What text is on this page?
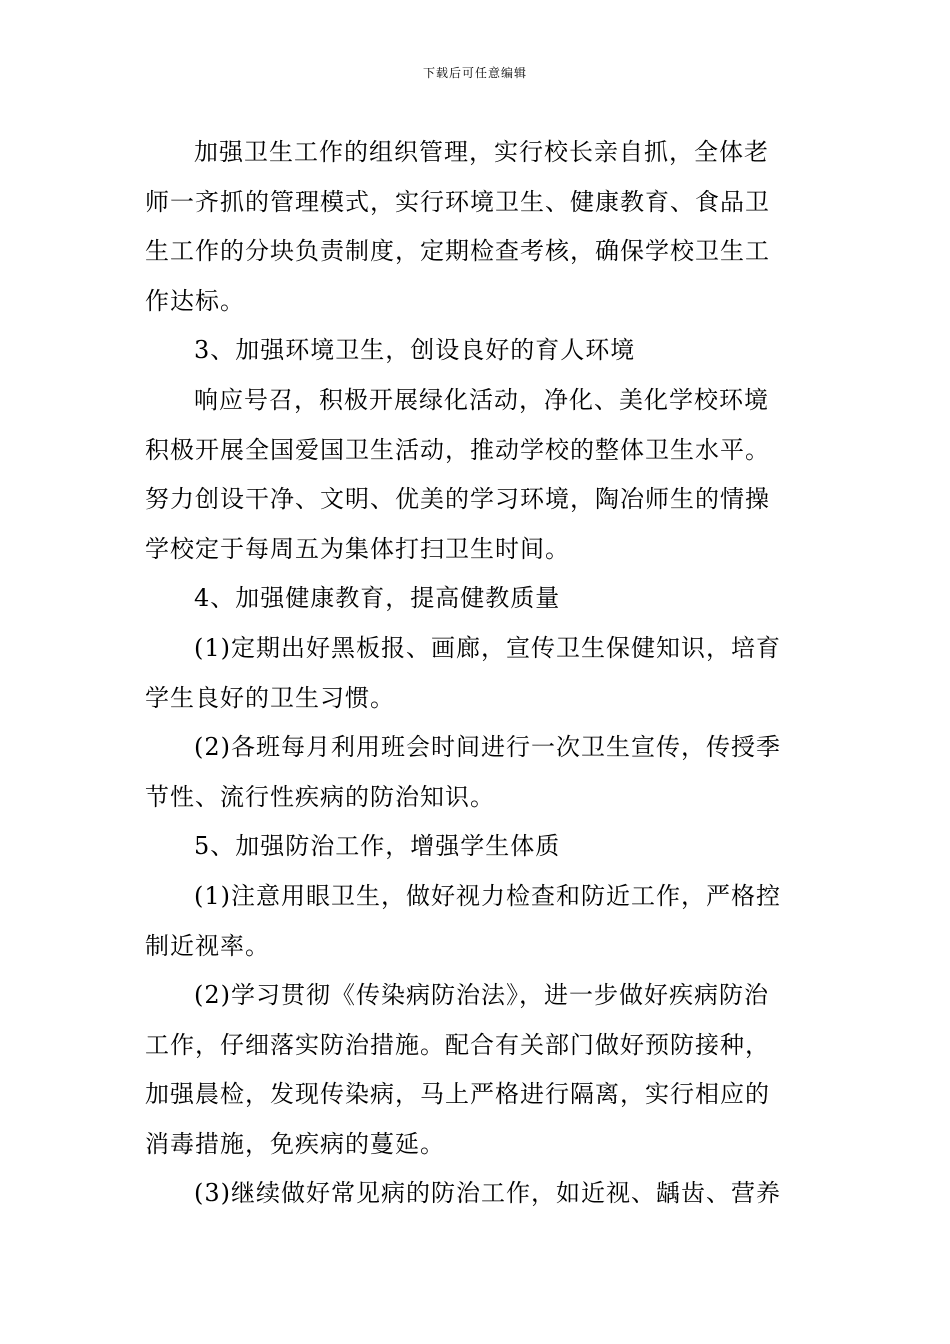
下载后可任意编辑
加强卫生工作的组织管理，实行校长亲自抓，全体老
师一齐抓的管理模式，实行环境卫生、健康教育、食品卫
生工作的分块负责制度，定期检查考核，确保学校卫生工
作达标。
3、加强环境卫生，创设良好的育人环境
响应号召，积极开展绿化活动，净化、美化学校环境
积极开展全国爱国卫生活动，推动学校的整体卫生水平。
努力创设干净、文明、优美的学习环境，陶冶师生的情操
学校定于每周五为集体打扫卫生时间。
4、加强健康教育，提高健教质量
(1)定期出好黑板报、画廊，宣传卫生保健知识，培育
学生良好的卫生习惯。
(2)各班每月利用班会时间进行一次卫生宣传，传授季
节性、流行性疾病的防治知识。
5、加强防治工作，增强学生体质
(1)注意用眼卫生，做好视力检查和防近工作，严格控
制近视率。
(2)学习贯彻《传染病防治法》，进一步做好疾病防治
工作，仔细落实防治措施。配合有关部门做好预防接种，
加强晨检，发现传染病，马上严格进行隔离，实行相应的
消毒措施，免疾病的蔓延。
(3)继续做好常见病的防治工作，如近视、龋齿、营养
